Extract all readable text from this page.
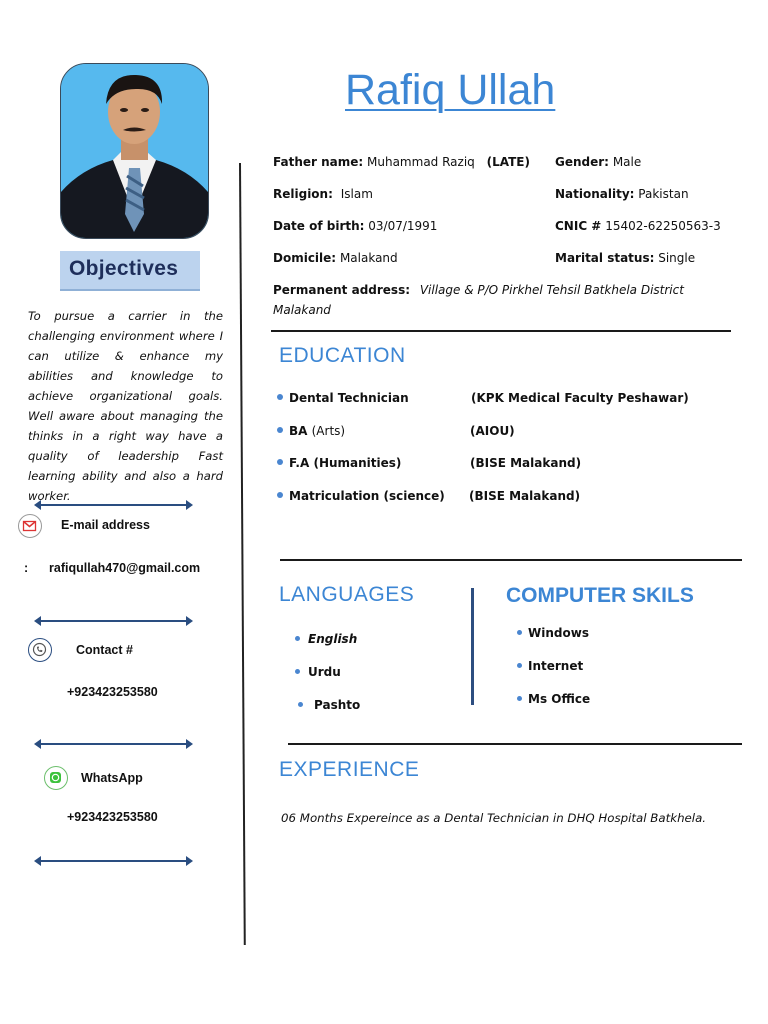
Objectives
To pursue a carrier in the challenging environment where I can utilize & enhance my abilities and knowledge to achieve organizational goals. Well aware about managing the thinks in a right way have a quality of leadership Fast learning ability and also a hard worker.
E-mail address
: rafiqullah470@gmail.com
Contact #
+923423253580
WhatsApp
+923423253580
Rafiq Ullah
Father name: Muhammad Raziq (LATE) Gender: Male
Religion: Islam	Nationality: Pakistan
Date of birth: 03/07/1991	CNIC # 15402-62250563-3
Domicile: Malakand	Marital status: Single
Permanent address: Village & P/O Pirkhel Tehsil Batkhela District
Malakand
EDUCATION
Dental Technician	(KPK Medical Faculty Peshawar)
BA (Arts)	(AIOU)
F.A (Humanities)	(BISE Malakand)
Matriculation (science) (BISE Malakand)
LANGUAGES
English
Urdu
Pashto
COMPUTER SKILS
Windows
Internet
Ms Office
EXPERIENCE
06 Months Expereince as a Dental Technician in DHQ Hospital Batkhela.
